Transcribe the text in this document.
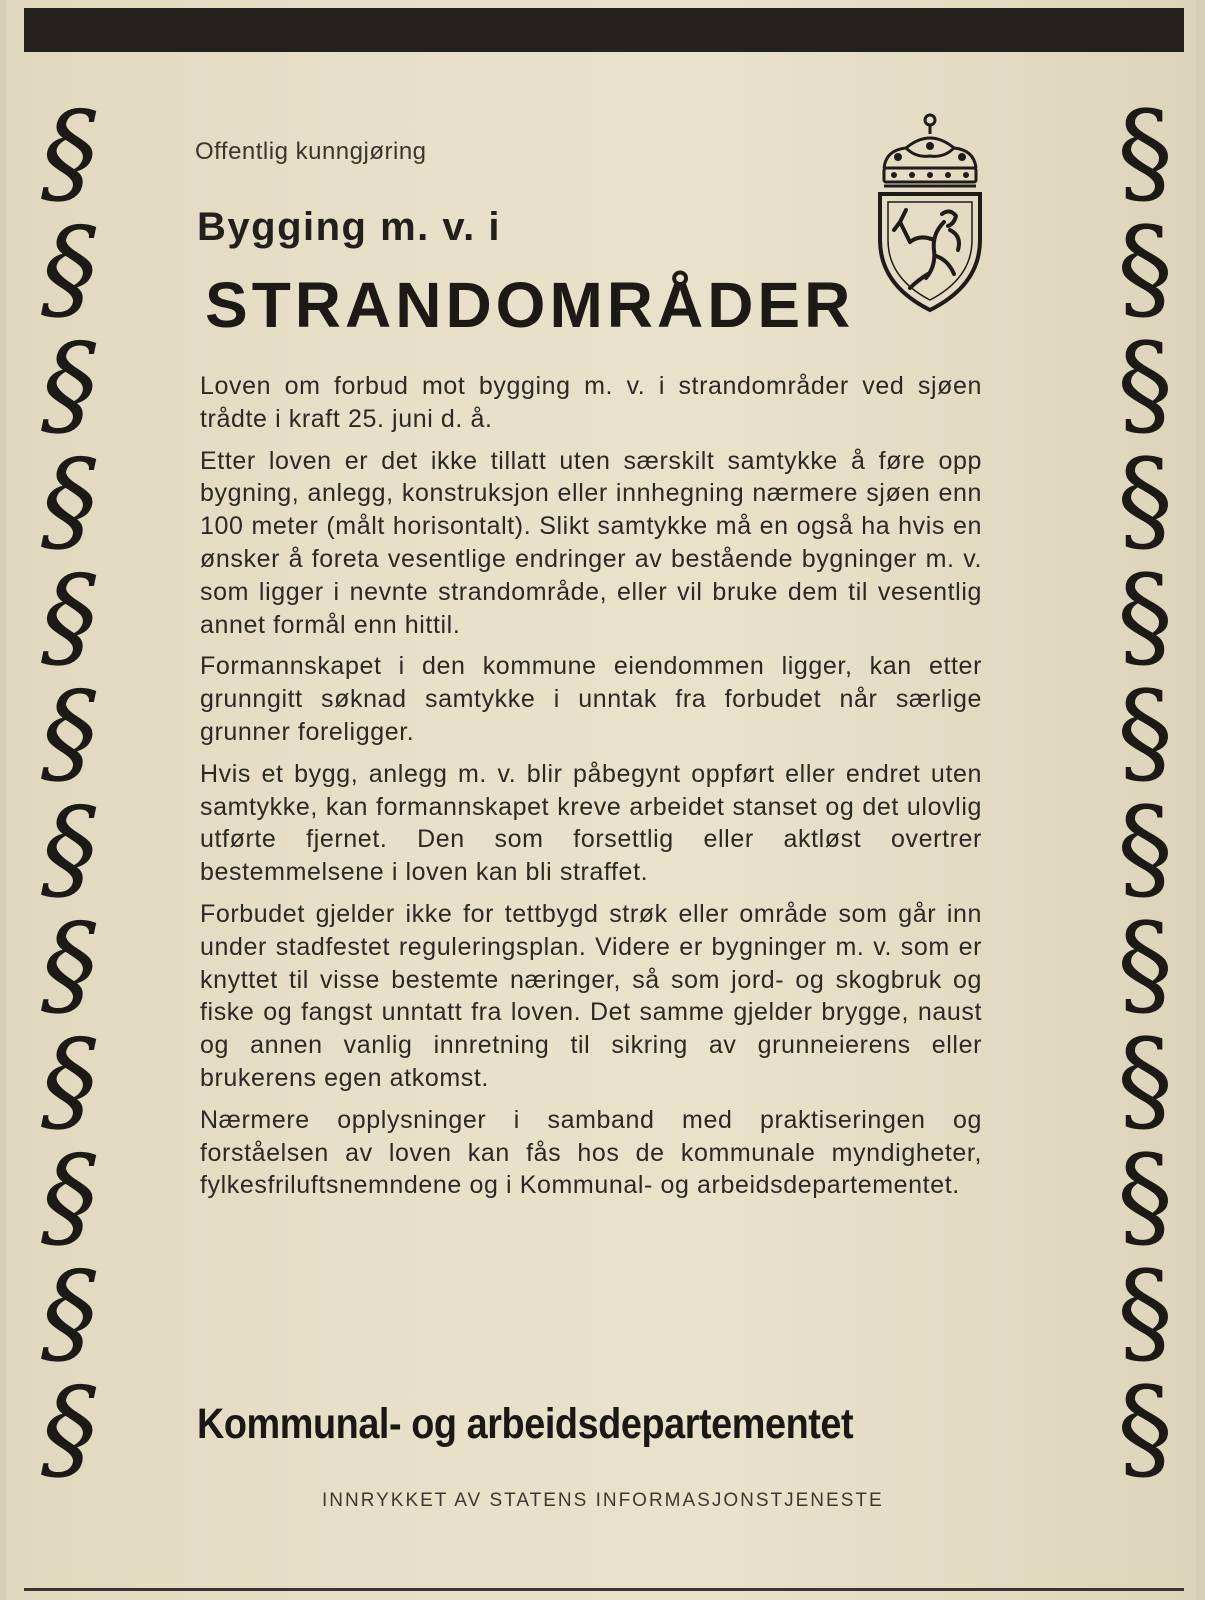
§
§
§
§
§
§
§
§
§
§
§
§
§
§
§
§
§
§
§
§
§
§
§
§
Offentlig kunngjøring
Bygging m. v. i
STRANDOMRÅDER

Loven om forbud mot bygging m. v. i strandområder ved sjøen trådte i kraft 25. juni d. å.

Etter loven er det ikke tillatt uten særskilt samtykke å føre opp bygning, anlegg, konstruksjon eller innhegning nærmere sjøen enn 100 meter (målt horisontalt). Slikt samtykke må en også ha hvis en ønsker å foreta vesentlige endringer av bestående bygninger m. v. som ligger i nevnte strandområde, eller vil bruke dem til vesentlig annet formål enn hittil.

Formannskapet i den kommune eiendommen ligger, kan etter grunngitt søknad samtykke i unntak fra forbudet når særlige grunner foreligger.

Hvis et bygg, anlegg m. v. blir påbegynt oppført eller endret uten samtykke, kan formannskapet kreve arbeidet stanset og det ulovlig utførte fjernet. Den som forsettlig eller aktløst overtrer bestemmelsene i loven kan bli straffet.

Forbudet gjelder ikke for tettbygd strøk eller område som går inn under stadfestet reguleringsplan. Videre er bygninger m. v. som er knyttet til visse bestemte næringer, så som jord- og skogbruk og fiske og fangst unntatt fra loven. Det samme gjelder brygge, naust og annen vanlig innretning til sikring av grunneierens eller brukerens egen atkomst.

Nærmere opplysninger i samband med praktiseringen og forståelsen av loven kan fås hos de kommunale myndigheter, fylkesfriluftsnemndene og i Kommunal- og arbeidsdepartementet.

Kommunal- og arbeidsdepartementet
INNRYKKET AV STATENS INFORMASJONSTJENESTE
